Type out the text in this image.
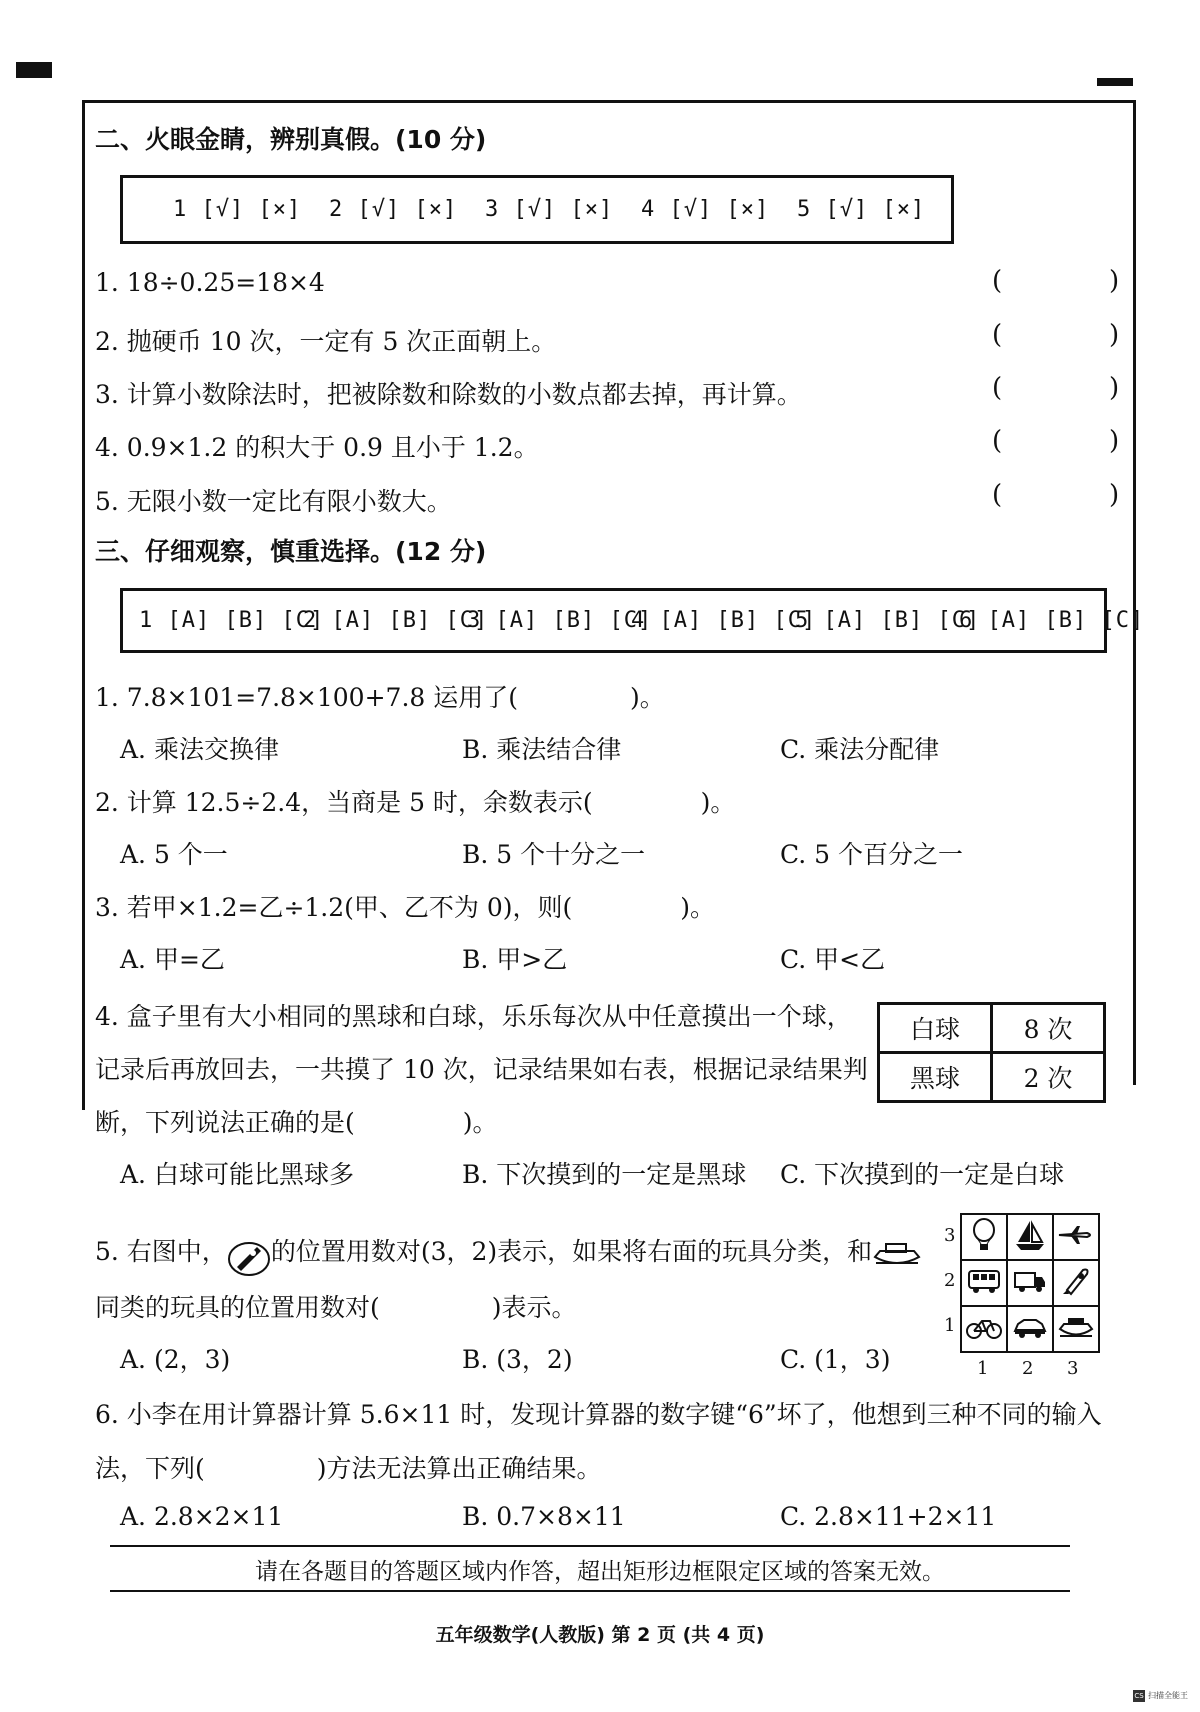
二、火眼金睛，辨别真假。(10 分)
1 [√] [×] 2 [√] [×] 3 [√] [×] 4 [√] [×] 5 [√] [×]
1. 18÷0.25=18×4	(	)
2. 抛硬币 10 次，一定有 5 次正面朝上。	(	)
3. 计算小数除法时，把被除数和除数的小数点都去掉，再计算。	(	)
4. 0.9×1.2 的积大于 0.9 且小于 1.2。	(	)
5. 无限小数一定比有限小数大。	(	)
三、仔细观察，慎重选择。(12 分)
1 [A] [B] [C]
2 [A] [B] [C]
3 [A] [B] [C]
4 [A] [B] [C]
5 [A] [B] [C]
6 [A] [B] [C]
1. 7.8×101=7.8×100+7.8 运用了(	)。
A. 乘法交换律	B. 乘法结合律	C. 乘法分配律
2. 计算 12.5÷2.4，当商是 5 时，余数表示(	)。
A. 5 个一	B. 5 个十分之一	C. 5 个百分之一
3. 若甲×1.2=乙÷1.2(甲、乙不为 0)，则(	)。
A. 甲=乙	B. 甲>乙	C. 甲<乙
4. 盒子里有大小相同的黑球和白球，乐乐每次从中任意摸出一个球，
记录后再放回去，一共摸了 10 次，记录结果如右表，根据记录结果判
断，下列说法正确的是(	)。
白球	8 次
黑球	2 次
A. 白球可能比黑球多	B. 下次摸到的一定是黑球 C. 下次摸到的一定是白球
5. 右图中， 的位置用数对(3，2)表示，如果将右面的玩具分类，和
同类的玩具的位置用数对(	)表示。
A. (2，3)	B. (3，2)	C. (1，3)
3
2
1

1 2 3
6. 小李在用计算器计算 5.6×11 时，发现计算器的数字键“6”坏了，他想到三种不同的输入
法，下列(	)方法无法算出正确结果。
A. 2.8×2×11	B. 0.7×8×11	C. 2.8×11+2×11
请在各题目的答题区域内作答，超出矩形边框限定区域的答案无效。
五年级数学(人教版) 第 2 页 (共 4 页)
CS 扫描全能王
